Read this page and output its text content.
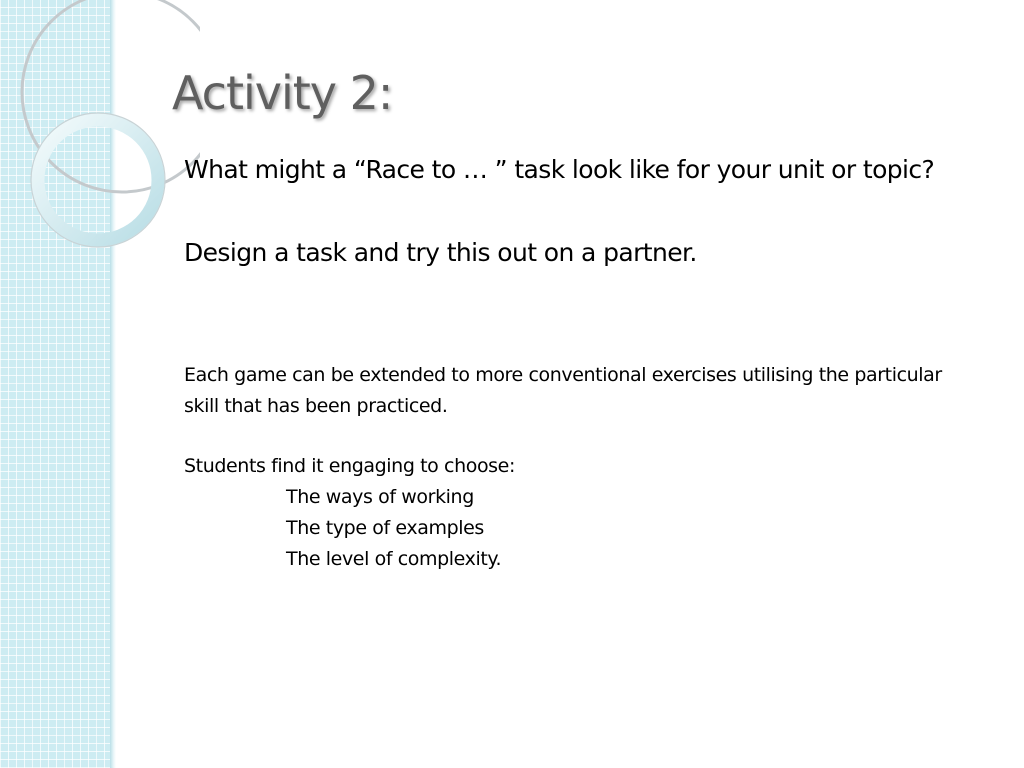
Activity 2:

What might a “Race to … ” task look like for your unit or topic?

Design a task and try this out on a partner.

Each game can be extended to more conventional exercises utilising the particular skill that has been practiced.

Students find it engaging to choose:

The ways of working
The type of examples
The level of complexity.
